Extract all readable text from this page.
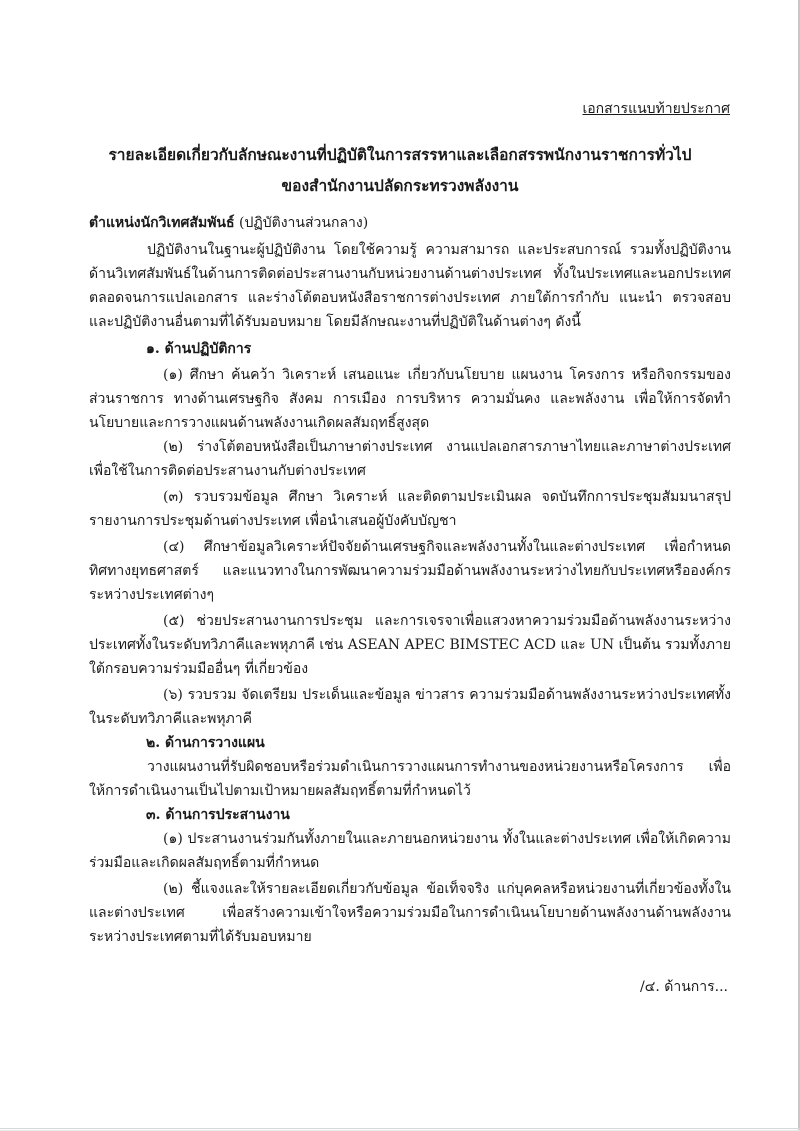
เอกสารแนบท้ายประกาศ
รายละเอียดเกี่ยวกับลักษณะงานที่ปฏิบัติในการสรรหาและเลือกสรรพนักงานราชการทั่วไป
ของสำนักงานปลัดกระทรวงพลังงาน
ตำแหน่งนักวิเทศสัมพันธ์ (ปฏิบัติงานส่วนกลาง)
ปฏิบัติงานในฐานะผู้ปฏิบัติงาน โดยใช้ความรู้ ความสามารถ และประสบการณ์ รวมทั้งปฏิบัติงานด้านวิเทศสัมพันธ์ในด้านการติดต่อประสานงานกับหน่วยงานด้านต่างประเทศ ทั้งในประเทศและนอกประเทศ ตลอดจนการแปลเอกสาร และร่างโต้ตอบหนังสือราชการต่างประเทศ ภายใต้การกำกับ แนะนำ ตรวจสอบ และปฏิบัติงานอื่นตามที่ได้รับมอบหมาย โดยมีลักษณะงานที่ปฏิบัติในด้านต่างๆ ดังนี้
๑. ด้านปฏิบัติการ
(๑) ศึกษา ค้นคว้า วิเคราะห์ เสนอแนะ เกี่ยวกับนโยบาย แผนงาน โครงการ หรือกิจกรรมของส่วนราชการ ทางด้านเศรษฐกิจ สังคม การเมือง การบริหาร ความมั่นคง และพลังงาน เพื่อให้การจัดทำนโยบายและการวางแผนด้านพลังงานเกิดผลสัมฤทธิ์สูงสุด
(๒) ร่างโต้ตอบหนังสือเป็นภาษาต่างประเทศ งานแปลเอกสารภาษาไทยและภาษาต่างประเทศเพื่อใช้ในการติดต่อประสานงานกับต่างประเทศ
(๓) รวบรวมข้อมูล ศึกษา วิเคราะห์ และติดตามประเมินผล จดบันทึกการประชุมสัมมนาสรุปรายงานการประชุมด้านต่างประเทศ เพื่อนำเสนอผู้บังคับบัญชา
(๔) ศึกษาข้อมูลวิเคราะห์ปัจจัยด้านเศรษฐกิจและพลังงานทั้งในและต่างประเทศ เพื่อกำหนดทิศทางยุทธศาสตร์ และแนวทางในการพัฒนาความร่วมมือด้านพลังงานระหว่างไทยกับประเทศหรือองค์กรระหว่างประเทศต่างๆ
(๕) ช่วยประสานงานการประชุม และการเจรจาเพื่อแสวงหาความร่วมมือด้านพลังงานระหว่างประเทศทั้งในระดับทวิภาคีและพหุภาคี เช่น ASEAN APEC BIMSTEC ACD และ UN เป็นต้น รวมทั้งภายใต้กรอบความร่วมมืออื่นๆ ที่เกี่ยวข้อง
(๖) รวบรวม จัดเตรียม ประเด็นและข้อมูล ข่าวสาร ความร่วมมือด้านพลังงานระหว่างประเทศทั้งในระดับทวิภาคีและพหุภาคี
๒. ด้านการวางแผน
วางแผนงานที่รับผิดชอบหรือร่วมดำเนินการวางแผนการทำงานของหน่วยงานหรือโครงการ เพื่อให้การดำเนินงานเป็นไปตามเป้าหมายผลสัมฤทธิ์ตามที่กำหนดไว้
๓. ด้านการประสานงาน
(๑) ประสานงานร่วมกันทั้งภายในและภายนอกหน่วยงาน ทั้งในและต่างประเทศ เพื่อให้เกิดความร่วมมือและเกิดผลสัมฤทธิ์ตามที่กำหนด
(๒) ชี้แจงและให้รายละเอียดเกี่ยวกับข้อมูล ข้อเท็จจริง แก่บุคคลหรือหน่วยงานที่เกี่ยวข้องทั้งในและต่างประเทศ เพื่อสร้างความเข้าใจหรือความร่วมมือในการดำเนินนโยบายด้านพลังงานด้านพลังงานระหว่างประเทศตามที่ได้รับมอบหมาย
/๔. ด้านการ...
